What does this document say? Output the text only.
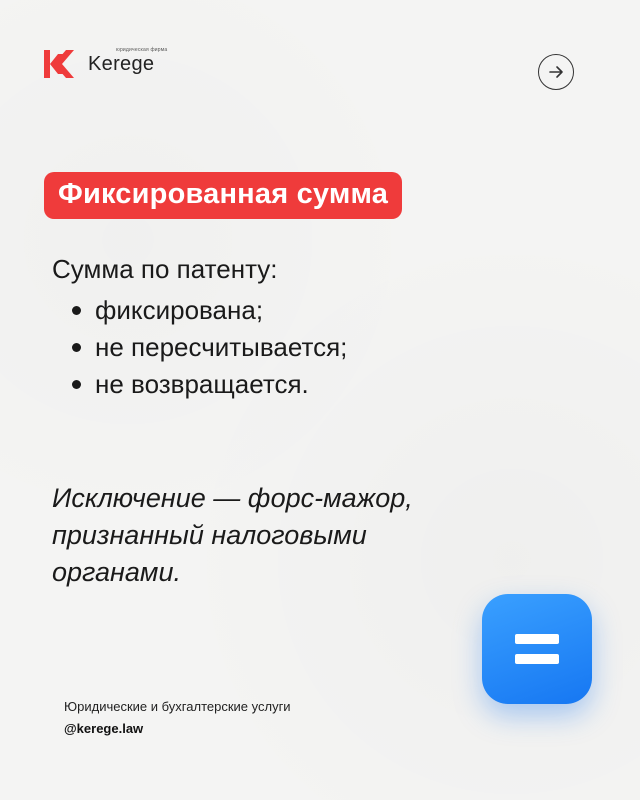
юридическая фирма
Kerege
Фиксированная сумма
Сумма по патенту:
фиксирована;
не пересчитывается;
не возвращается.
Исключение — форс-мажор, признанный налоговыми органами.
Юридические и бухгалтерские услуги
@kerege.law
